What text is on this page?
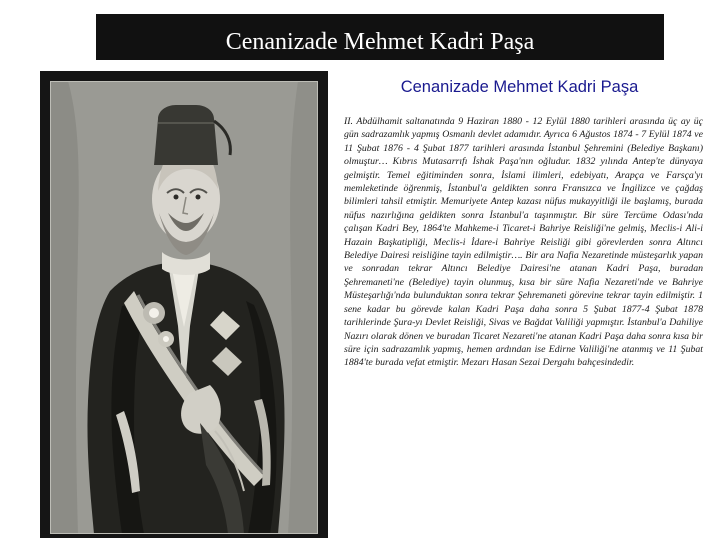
Cenanizade Mehmet Kadri Paşa
Cenanizade Mehmet Kadri Paşa

II. Abdülhamit saltanatında 9 Haziran 1880 - 12 Eylül 1880 tarihleri arasında üç ay üç gün sadrazamlık yapmış Osmanlı devlet adamıdır. Ayrıca 6 Ağustos 1874 - 7 Eylül 1874 ve 11 Şubat 1876 - 4 Şubat 1877 tarihleri arasında İstanbul Şehremini (Belediye Başkanı) olmuştur… Kıbrıs Mutasarrıfı İshak Paşa'nın oğludur. 1832 yılında Antep'te dünyaya gelmiştir. Temel eğitiminden sonra, İslami ilimleri, edebiyatı, Arapça ve Farsça'yı memleketinde öğrenmiş, İstanbul'a geldikten sonra Fransızca ve İngilizce ve çağdaş bilimleri tahsil etmiştir. Memuriyete Antep kazası nüfus mukayyitliği ile başlamış, burada nüfus nazırlığına geldikten sonra İstanbul'a taşınmıştır. Bir süre Tercüme Odası'nda çalışan Kadri Bey, 1864'te Mahkeme-i Ticaret-i Bahriye Reisliği'ne gelmiş, Meclis-i Ali-i Hazain Başkatipliği, Meclis-i İdare-i Bahriye Reisliği gibi görevlerden sonra Altıncı Belediye Dairesi reisliğine tayin edilmiştir…. Bir ara Nafia Nezaretinde müsteşarlık yapan ve sonradan tekrar Altıncı Belediye Dairesi'ne atanan Kadri Paşa, buradan Şehremaneti'ne (Belediye) tayin olunmuş, kısa bir süre Nafia Nezareti'nde ve Bahriye Müsteşarlığı'nda bulunduktan sonra tekrar Şehremaneti görevine tekrar tayin edilmiştir. 1 sene kadar bu görevde kalan Kadri Paşa daha sonra 5 Şubat 1877-4 Şubat 1878 tarihlerinde Şura-yı Devlet Reisliği, Sivas ve Bağdat Valiliği yapmıştır. İstanbul'a Dahiliye Nazırı olarak dönen ve buradan Ticaret Nezareti'ne atanan Kadri Paşa daha sonra kısa bir süre için sadrazamlık yapmış, hemen ardından ise Edirne Valiliği'ne atanmış ve 11 Şubat 1884'te burada vefat etmiştir. Mezarı Hasan Sezai Dergahı bahçesindedir.
